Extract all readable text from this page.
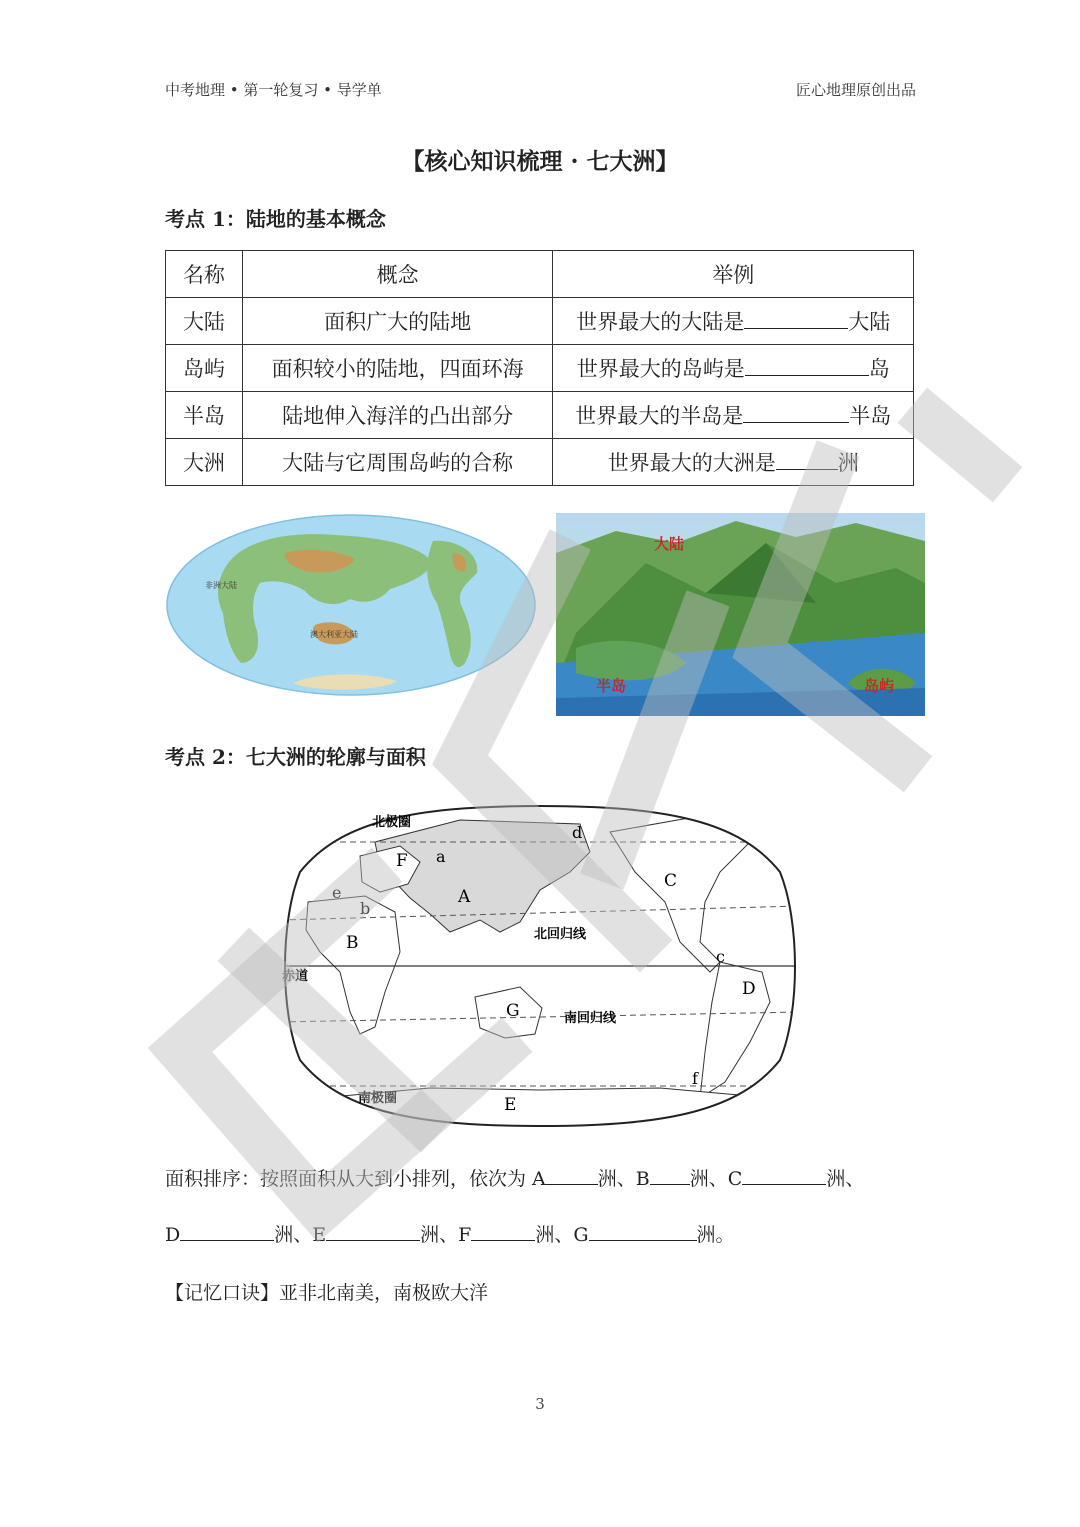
中考地理 • 第一轮复习 • 导学单	匠心地理原创出品
【核心知识梳理 · 七大洲】
考点 1：陆地的基本概念
名称	概念	举例
大陆	面积广大的陆地	世界最大的大陆是 大陆
岛屿	面积较小的陆地，四面环海	世界最大的岛屿是 岛
半岛	陆地伸入海洋的凸出部分	世界最大的半岛是 半岛
大洲	大陆与它周围岛屿的合称	世界最大的大洲是 洲
非洲大陆
澳大利亚大陆
大陆
半岛	岛屿
考点 2：七大洲的轮廓与面积
北极圈
北回归线
赤道
南回归线
南极圈
A
B
C
D
E
F
G
a
b
c
d
e
f
面积排序：按照面积从大到小排列，依次为 A	洲、B 洲、C	洲、
D	洲、E	洲、F	洲、G	洲。
【记忆口诀】亚非北南美，南极欧大洋
3
